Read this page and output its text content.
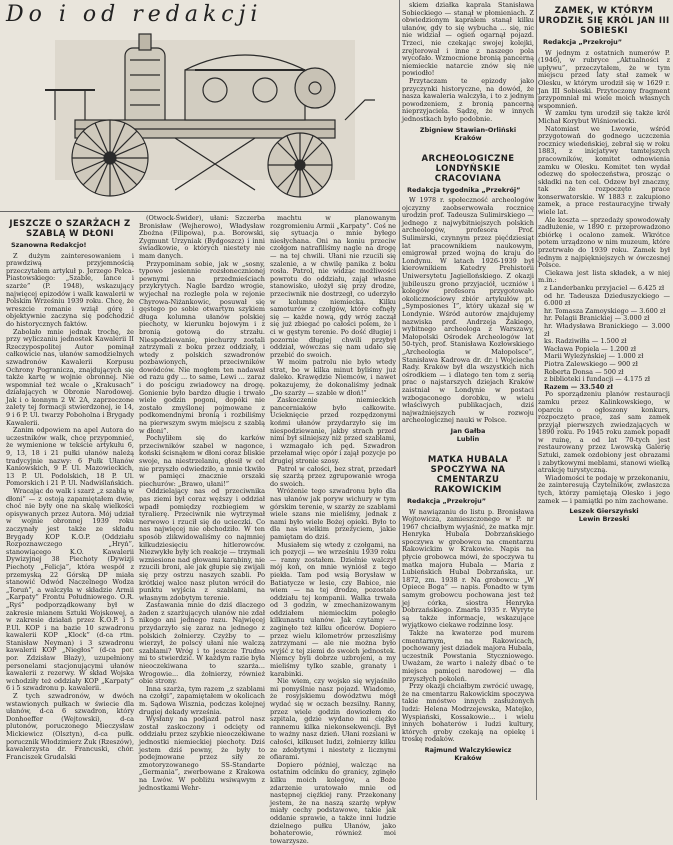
Do i od redakcji
JESZCZE O SZARŻACH Z SZABLĄ W DŁONI
Szanowna Redakcjo!

Z dużym zainteresowaniem i prawdziwą przyjemnością przeczytałem artykuł p. Jerzego Pelca-Piastowskiego: „Szable, lance i szarże” (P. 1948), wskazujący najwięcej epizodów i walk kawalerii w Polskim Wrześniu 1939 roku. Chcę, że wreszcie romanie wziął górę i objektywnie zaczyna się podchodzić do historycznych faktów.

Zabolało mnie jednak trochę, że przy wyliczaniu jednostek Kawalerii II Rzeczypospolitej Autor pominął całkowicie nas, ułanów samodzielnych szwadronów Kawalerii Korpusu Ochrony Pogranicza, znajdujących się także kartę w wojnie obronnej. Nie wspomniał też wcale o „Krakusach” działających w Obronie Narodowej. Jak i o konnym 2 W. 2A, zaprzeczone zalety tej formacji stwierdzonej, ie 14, 9 i 6 P. Ul. twarzy Poboholna i Brygady Kawalerii.

Zanim odpowiem na apel Autora do uczestników walk, chcę przypomnieć, że wymienione w tekście artykułu 6, 9, 13, 18 i 21 pułki ułanów należą tradycyjnie nazwy: 6 Pułk Ułanów Kaniowskich, 9 P. Ul. Mazowieckich, 13 P. Ul. Podolskich, 18 P. Ul. Pomorskich i 21 P. Ul. Nadwiślańskich.

Wracając do walk i szarż „z szablą w dłoni” — z ostoją zapamiętałem dwie, choć nie były one na skalę wielkości opisywanych przez Autora. Mój udział w wojnie obronnej 1939 roku zaczynały jest także ze składu Brygady KOP K.O.P. (Oddziału Rozpoznawczego „Hryń”, stanowiącego K.O. Kawalerii Dywizyjnej 38 Piechoty (Dywizji Piechoty „Felicja”, która wespół z przemyską 22 Górską DP miała stanowić Odwód Naczelnego Wodza „Toruń”, a walczyła w składzie Armii „Karpaty” Frontu Południowego. O.R. „Ryś” podporządkowany był w zakresie mianem Sztuki Wojskowej, a w zakresie działań przez K.O.P. i 5 P.Ul. KOP i na bazie 10 szwadronu kawalerii KOP „Klock” (d-ca rtm. Stanisław Neyman) i 3 szwadronu kawalerii KOP „Niegłos” (d-ca por. por. Zdzisław Błaży), uzupełniony personelami stacjonującymi ułanów kawalerii z rezerwy. W skład Wojska wchodziły też oddziały KOP „Karpaty” 6 i 5 szwadronu p. kawalerii.

Z tych szwadronów, w dwóch wstawionych pułkach w świecie dla ułanów, d-ca 6 szwadron, który Donhoeffer (Wejtowski), d-ca plutonów, poruczonego Mieczysław Mickiewicz (Olsztyn), d-ca pułk. porucznik Włodzimierz Żuk (Rzeszów), kawalerzysta dr. Francuski, chór. Franciszek Grudalski

(Otwock-Świder), ułani: Szczerba Bronisław (Wejherowo), Władysław Zbożna (Filipowa), p.a. Borowski, Zygmunt Urzyniak (Bydgoszcz) i inni świadkowie, o których niestety nie mam danych.

Przypominam sobie, jak w „sosny, typowo jesiennie rozsłonecznionej pewnymi na przedmieściach przykrytych. Nagle bardzo wrogie, wyjechał na rozległe pola w rejonie Chyrowa-Niżankowic, posuwał się gęstego po sobie otwartym szykiem długa kolumna ułanów polskiej piechoty, w kierunku bojowym i z bronią gotową do strzału. Niespodziewanie, piechurzy zostali zatrzymali z boku przez oddziały, i wtedy z polskich szwadronów pozbawionych, przeciwników dowódców. Nie mogłem ten nadawał od razu gdy ... to same, Lewi ... zaraz i do pościgu zwiadowcy na drogę. Gonienie było bardzo długie i trwało wiele godzin pogoni, dopóki nie zostało zmyślonej pojmowane z podkomendnymi bronią i rozbiliśmy na pierwszym swym miejscu z szablą w dłoni”.

Pochyliłem się do karków przeciwników szabel w nagonce, koński ścisnąłem w dłoni coraz bliskie swoje, na niestrzelaniu, głosił w cel nie przyszło odwiedziło, a mnie tkwiło w pamięci znacznie orszaki piechurów: „Brawo, ułani!”

Oddzielający nas od przeciwnika pas ziemi był coraz węższy i oddział wpadł pomiędzy rozbiegiem w tyralierę. Przeciwnik nie wytrzymał nerwowo i rzucił się do ucieczki. Co nas najwięcej nie obchodziło. W ten sposób zlikwidowaliśmy co najmniej kilkudziesięciu hitlerowców. Niezwykłe były ich reakcje — trzymali wzniesione nad głowami karabiny, nie rzucili broni, ale jak głupie się zwijali się przy ostrzu naszych szabli. Po krótkiej walce nasz pluton wrócił do punktu wyjścia z szablami, na własnym zdobytym terenie.

Zastawania mnie do dziś dlaczego żaden z szarżujących ułanów nie zdał nikogo ani jednego razu. Najwięcej przydarzyło się zaraz na jednego z polskich żołnierzy. Czyżby to — wierzył, że polscy ułani nie walczą szablami? Wróg i to jeszcze Trudno mi to stwierdzić. W każdym razie była nieoczekiwana to szarża... Wrogowie... dla żołnierzy, również obie strony.

Inna szarża, tym razem „z szablami na czołgi”, zapamiętałem w okolicach m. Sądowa Wisznia, podczas kolejnej drugiej dekady września.

Wysłany na podjazd patrol nasz został zaskoczony i odcięty od oddziału przez szybkie nieoczekiwane jednostki niemieckiej piechoty. Dziś jestem dziś pewny, że były to podejmowane przez siły ze zmotoryzowanego SS-Standarte „Germania”, zwerbowane z Krakowa na Lwów. W pobliżu wsiwąwym z jednostkami Wehr-

machtu w planowanym rozgromieniu Armii „Karpaty”. Coś ne się sytuacja o mnie byłego niesłychana. Oni na koniu przeciw czołgom natrafiliśmy nagle na drogę — na tej chwili. Ułani nie rzucili się szalenie, a w chwilę panika z boku rosła. Patrol, nie widząc możliwości powrotu do oddziału, zajął własne stanowisko, ułożył się przy drodze, przeciwnik nie dostrzegł, co uderzyło w kolumnę niemiecką. Kilku samoturów z czołgów, które cofnęły się — każde nową, gdy wróg zaczął się już zbiegać po całości polem, że i ci w gęstym terenie. Po dość długiej i pozornie długiej chwili przybył oddział, wówczas się nam udało się przebić do swoich.

W moim patrolu nie było wtedy strat, bo w kilka minut byliśmy już daleko. Krawędzie Niemców, i nawet pokazujemy, że dokonaliśmy jednak „Do szarży — szable w dłoń!”

Zaskoczenie niemieckich pancerniaków było całkowite. Ucieknięcie przed rozpędzonymi końmi ułanów przydarzyło się im niespodziewanie, jakby strach przed nimi był silniejszy niż przed szablami, i wzmagało ich pęd. Szwadron przełamał więc opór i zajął pozycje po drugiej stronie szosy.

Patrol w całości, bez strat, przedarł się szarżą przez zgrupowanie wroga do swoich.

Wróżenie tego szwadronu było dla nas ułanów jak poryw wichury w tym górskim terenie, w szarży ze szablami wiele szans nie mieliśmy, jednak z nami było wiele Bożej opieki. Było to dla nas wielkim przeżyciem, jakie pamiętam do dziś.

Musiałem się wtedy z czołgami, na ich pozycji — we wrześniu 1939 roku — ranny zostałem. Dzielnie walczył mój koń, on mnie wyniósł z tego piekła. Tam pod wsią Borysław w Batiatycze w lesie, czy Babice, nie wiem — na tej drodze, pozostało oddziału tej kompanii. Walka trwała od 3 godzin, w zmechanizowanym oddziałem niemieckim poległo kilkunastu ułanów. Jak czytamy — zaginęło też kilku oficerów. Dopiero przez wielu kilometrów przeszliśmy zatrzymani — ale nie można było wyjść z tej ziemi do swoich jednostek. Niemcy byli dobrze uzbrojeni, a my mieliśmy tylko szable, granaty i karabinki.

Nie wiem, czy wojsko się wyjaśniło mi pomyślnie nasz pojazd. Wiadomo, że rosyjskiemu dowództwu mógł wydać się w oczach bezsilny. Ranny, przez wiele godzin dowiozłem do szpitala, gdzie wydano mi ciężko rannemu kilka niekonsekwencji. Był to ważny nasz dzień. Ułani rozsiani w całości, kilkuset ludzi, żołnierzy kilku ze zdobytymi i niestety z licznymi ofiarami.

Dopiero później, walcząc na ostatnim odcinku do granicy, zginęło kilku moich kolegów, a Boże zdarzenie uratowało mnie od następnej ciężkiej rany. Przekonany jestem, że na naszą szarżę wpływ miały cechy podstawowe, takie jak oddanie sprawie, a także inni ludzie dzielnego pułku Ułanów, jako bohaterowie, również moi towarzysze.

skiem działka kaprala Stanisława Sobieckiego — stanął w płomieniach. Z obwiedzionym kapralem stanął kilku ułanów, gdy to się wybucha ... się, nic nie widział — ogień ogarnął pojazd. Trzeci, nie czekając swojej kolejki, zrejterował i inne z naszego pola wycofało. Wzmocnione bronią pancerną niemieckie natarcie znów się nie powiodło!

Przytaczam te epizody jako przyczynki historyczne, na dowód, że nasza kawaleria walczyła, i to z jednym powodzeniem, z bronią pancerną nieprzyjaciela. Sądzę, że w innych jednostkach było podobnie.

Zbigniew Stawian-Orliński
Kraków
ARCHEOLOGICZNE LONDYŃSKIE CRACOVIANA
Redakcja tygodnika „Przekrój”

W 1978 r. społeczność archeologów ojczyzny zaobserwowała rocznicę urodzin prof. Tadeusza Sulimirskiego — jednego z najwybitniejszych polskich archeologów, profesora Prof. Sulimirski, czynnym przez pięćdziesiąt lat pracownikiem naukowym, emigrował przed wojną do kraju do Londynu. W latach 1926-1939 był kierownikiem Katedry Prehistorii Uniwersytetu Jagiellońskiego. Z okazji jubileuszu grono przyjaciół, uczniów i kolegów profesora przygotowało okolicznościowy zbiór artykułów pt. „Symposiones I”, który ukazał się w Londynie. Wśród autorów znajdujemy nazwiska prof. Andrzeja Żakiego, wybitnego archeologa z Warszawy, Małopolski Ośrodek Archeologów lat 50-tych, prof. Stanisława Kozłowskiego „Archeologia w Małopolsce”, Stanisława Kadrowa dr. dr. i Wojciecha Rady. Kraków był dla wszystkich nich ośrodkiem — i dlatego ten tom z serią prac o najstarszych dziejach Kraków zaistniał w Londynie w postaci wzbogaconego dorobku, w wielu właściwych publikacjach, dziś najważniejszych w rozwoju archeologicznej nauki w Polsce.

Jan Gałba
Lublin
MATKA HUBALA SPOCZYWA NA CMENTARZU RAKOWICKIM
Redakcja „Przekroju”

W nawiązaniu do listu p. Bronisława Wojtowicza, zamieszczonego w P. nr 1967 chciałbym wyjaśnić, że matka mjr. Henryka Hubala Dobrzańskiego spoczywa w grobowcu na cmentarzu Rakowickim w Krakowie. Napis na płycie grobowca mówi, że spoczywa tu matka majora Hubala — Maria z Lubieńskich Hubal Dobrzańska, ur. 1872, zm. 1938 r. Na grobowcu: „W Opiece Boga” — napis. Ponadto w tym samym grobowcu pochowana jest też jej córka, siostra Henryka Dobrzańskiego. Zmarła 1935 r. Wyryte są także informacje, wskazujące wyjątkowo ciekawe rodzinne losy.

Także na kwaterze pod murem cmentarnym, na Rakowicach, pochowany jest dziadek majora Hubala, uczestnik Powstania Styczniowego. Uważam, że warto i należy dbać o te miejsca pamięci narodowej — dla przyszłych pokoleń.

Przy okazji chciałbym zwrócić uwagę, że na cmentarzu Rakowickim spoczywa takie mnóstwo innych zasłużonych ludzi: Helena Modrzejewska, Matejko, Wyspiański, Kossakowie... i wielu innych bohaterów i ludzi kultury, których groby czekają na opiekę i troskę rodaków.

Rajmund Walczykiewicz
Kraków
ZAMEK, W KTÓRYM URODZIŁ SIĘ KRÓL JAN III SOBIESKI
Redakcja „Przekroju”

W jednym z ostatnich numerów P. (1946), w rubryce „Aktualności z upływu”, przeczytałem, że w tym miejscu przed laty stał zamek w Olesku, w którym urodził się w 1629 r. Jan III Sobieski. Przytoczony fragment przypomniał mi wiele moich własnych wspomnień.

W zamku tym urodził się także król Michał Korybut Wiśniowiecki.

Natomiast we Lwowie, wśród przygotowań do godnego uczczenia rocznicy wiedeńskiej, zebrał się w roku 1883, z inicjatywy tamtejszych pracowników, komitet odnowienia zamku w Olesku. Komitet ten wydał odezwę do społeczeństwa, prosząc o składki na ten cel. Odzew był znaczny, tak że rozpoczęto prace konserwatorskie. W 1883 r. zakupiono zamek, a prace restauracyjne trwały wiele lat.

Ale koszta — sprzedaży spowodowały zadłużenie, w 1890 r. przeprowadzono zbiórkę i ocalono zamek. Wkrótce potem urządzono w nim muzeum, które przetrwało do 1939 roku. Zamek był jednym z najpiękniejszych w ówczesnej Polsce.

Ciekawa jest lista składek, a w niej m.in.:

z Landerbanku przyjaciel — 6.425 zł
od hr. Tadeusza Dzieduszyckiego — 6.000 zł
hr. Tomasza Zamoyskiego — 3.600 zł
hr. Pelagii Branickiej — 3.000 zł
hr. Władysława Branickiego — 3.000 zł
ks. Radziwiłła — 1.500 zł
Wacława Popiela — 1.200 zł
Marii Wyleżyńskiej — 1.000 zł
Piotra Zalewskiego — 900 zł
Roberta Donsa — 500 zł
z biblioteki i fundacji — 4.175 zł
Razem — 33.540 zł

Po sporządzeniu planów restauracji zamku przez Kalinkowskiego, w oparciu o ogłoszony konkurs, rozpoczęto prace, zaś sam zamek przyjął pierwszych zwiedzających w 1890 roku. Po 1945 roku zamek popadł w ruinę, a od lat 70-tych jest restaurowany przez Lwowską Galerię Sztuki, zamek ozdobiony jest obrazami i zabytkowymi meblami, stanowi wielką atrakcję turystyczną.

Wiadomości te podaję w przekonaniu, że zainteresują Czytelników, zwłaszcza tych, którzy pamiętają Olesko i jego zamek — i pamiątki po nim zachowane.

Leszek Gierszyński
Lewin Brzeski
